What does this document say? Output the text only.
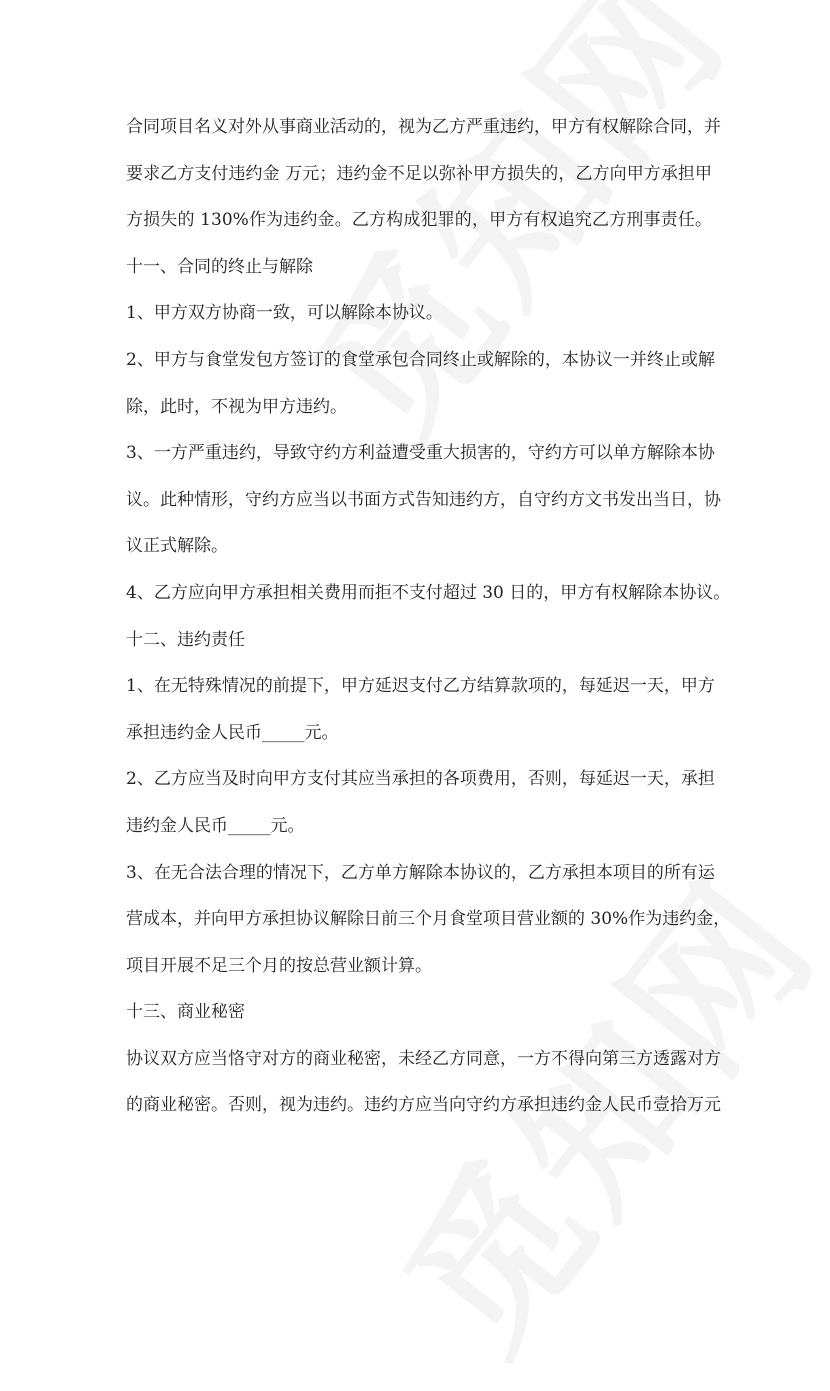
合同项目名义对外从事商业活动的，视为乙方严重违约，甲方有权解除合同，并
要求乙方支付违约金 万元；违约金不足以弥补甲方损失的，乙方向甲方承担甲
方损失的 130%作为违约金。乙方构成犯罪的，甲方有权追究乙方刑事责任。
十一、合同的终止与解除
1、甲方双方协商一致，可以解除本协议。
2、甲方与食堂发包方签订的食堂承包合同终止或解除的，本协议一并终止或解
除，此时，不视为甲方违约。
3、一方严重违约，导致守约方利益遭受重大损害的，守约方可以单方解除本协
议。此种情形，守约方应当以书面方式告知违约方，自守约方文书发出当日，协
议正式解除。
4、乙方应向甲方承担相关费用而拒不支付超过 30 日的，甲方有权解除本协议。
十二、违约责任
1、在无特殊情况的前提下，甲方延迟支付乙方结算款项的，每延迟一天，甲方
承担违约金人民币_____元。
2、乙方应当及时向甲方支付其应当承担的各项费用，否则，每延迟一天，承担
违约金人民币_____元。
3、在无合法合理的情况下，乙方单方解除本协议的，乙方承担本项目的所有运
营成本，并向甲方承担协议解除日前三个月食堂项目营业额的 30%作为违约金，
项目开展不足三个月的按总营业额计算。
十三、商业秘密
协议双方应当恪守对方的商业秘密，未经乙方同意，一方不得向第三方透露对方
的商业秘密。否则，视为违约。违约方应当向守约方承担违约金人民币壹拾万元
